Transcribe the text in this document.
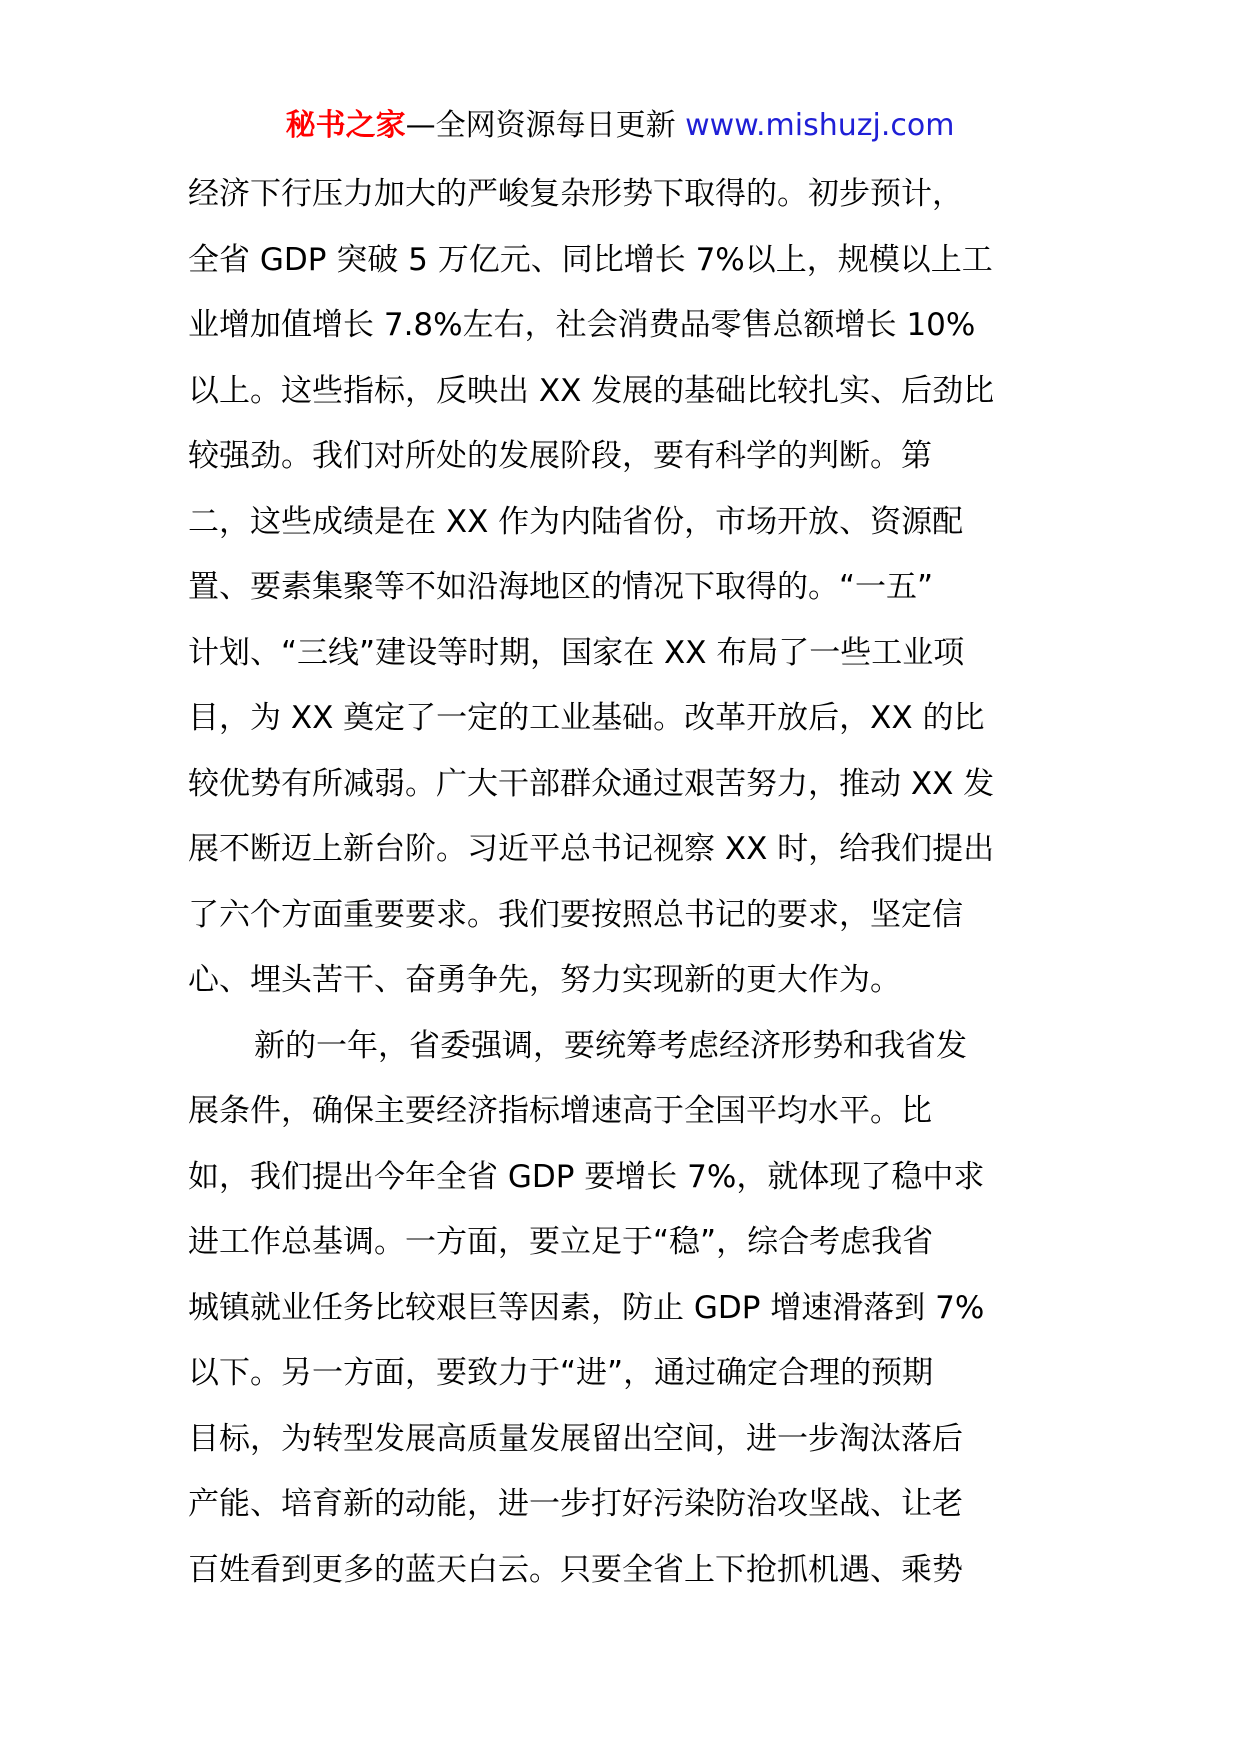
秘书之家—全网资源每日更新 www.mishuzj.com
经济下行压力加大的严峻复杂形势下取得的。初步预计，
全省 GDP 突破 5 万亿元、同比增长 7%以上，规模以上工
业增加值增长 7.8%左右，社会消费品零售总额增长 10%
以上。这些指标，反映出 XX 发展的基础比较扎实、后劲比
较强劲。我们对所处的发展阶段，要有科学的判断。第
二，这些成绩是在 XX 作为内陆省份，市场开放、资源配
置、要素集聚等不如沿海地区的情况下取得的。“一五”
计划、“三线”建设等时期，国家在 XX 布局了一些工业项
目，为 XX 奠定了一定的工业基础。改革开放后，XX 的比
较优势有所减弱。广大干部群众通过艰苦努力，推动 XX 发
展不断迈上新台阶。习近平总书记视察 XX 时，给我们提出
了六个方面重要要求。我们要按照总书记的要求，坚定信
心、埋头苦干、奋勇争先，努力实现新的更大作为。
新的一年，省委强调，要统筹考虑经济形势和我省发
展条件，确保主要经济指标增速高于全国平均水平。比
如，我们提出今年全省 GDP 要增长 7%，就体现了稳中求
进工作总基调。一方面，要立足于“稳”，综合考虑我省
城镇就业任务比较艰巨等因素，防止 GDP 增速滑落到 7%
以下。另一方面，要致力于“进”，通过确定合理的预期
目标，为转型发展高质量发展留出空间，进一步淘汰落后
产能、培育新的动能，进一步打好污染防治攻坚战、让老
百姓看到更多的蓝天白云。只要全省上下抢抓机遇、乘势
